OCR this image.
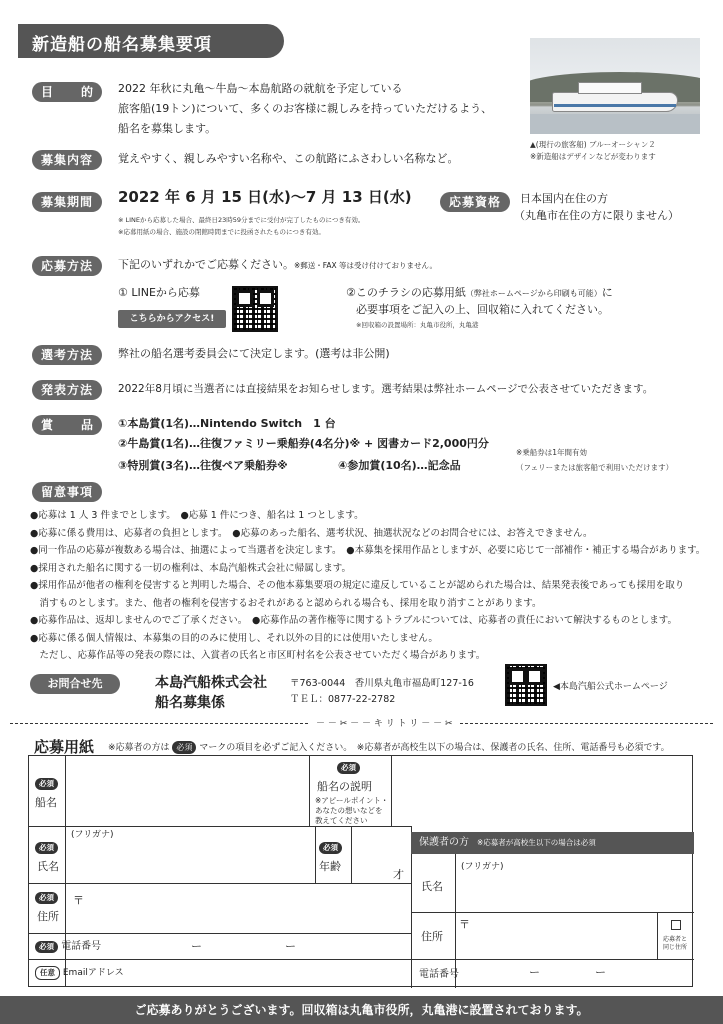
新造船の船名募集要項
▲(現行の旅客船) ブルーオーシャン２
※新造船はデザインなどが変わります
目　的 2022 年秋に丸亀～牛島～本島航路の就航を予定している
旅客船(19トン)について、多くのお客様に親しみを持っていただけるよう、
船名を募集します。
募集内容	覚えやすく、親しみやすい名称や、この航路にふさわしい名称など。
募集期間	2022 年 6 月 15 日(水)～7 月 13 日(水)
※ LINEから応募した場合、最終日23時59分までに受付が完了したものにつき有効。
※応募用紙の場合、施設の閉館時間までに投函されたものにつき有効。
応募資格	日本国内在住の方
（丸亀市在住の方に限りません）
応募方法	下記のいずれかでご応募ください。※郵送・FAX 等は受け付けておりません。
① LINEから応募
こちらからアクセス!
②このチラシの応募用紙（弊社ホームページから印刷も可能）に
必要事項をご記入の上、回収箱に入れてください。
※回収箱の設置場所：丸亀市役所，丸亀港
選考方法	弊社の船名選考委員会にて決定します。(選考は非公開)
発表方法	2022年8月頃に当選者には直接結果をお知らせします。選考結果は弊社ホームページで公表させていただきます。
賞　品 ①本島賞(1名)…Nintendo Switch　1 台
②牛島賞(1名)…往復ファミリー乗船券(4名分)※ + 図書カード2,000円分
③特別賞(3名)…往復ペア乗船券※	④参加賞(10名)…記念品
※乗船券は1年間有効
（フェリーまたは旅客船で利用いただけます）
留意事項
●応募は 1 人 3 件までとします。　●応募 1 件につき、船名は 1 つとします。
●応募に係る費用は、応募者の負担とします。　●応募のあった船名、選考状況、抽選状況などのお問合せには、お答えできません。
●同一作品の応募が複数ある場合は、抽選によって当選者を決定します。　●本募集を採用作品としますが、必要に応じて一部補作・補正する場合があります。
●採用された船名に関する一切の権利は、本島汽船株式会社に帰属します。
●採用作品が他者の権利を侵害すると判明した場合、その他本募集要項の規定に違反していることが認められた場合は、結果発表後であっても採用を取り
　消すものとします。また、他者の権利を侵害するおそれがあると認められる場合も、採用を取り消すことがあります。
●応募作品は、返却しませんのでご了承ください。　●応募作品の著作権等に関するトラブルについては、応募者の責任において解決するものとします。
●応募に係る個人情報は、本募集の目的のみに使用し、それ以外の目的には使用いたしません。
　ただし、応募作品等の発表の際には、入賞者の氏名と市区町村名を公表させていただく場合があります。
お問合せ先	本島汽船株式会社
船名募集係
〒763-0044　香川県丸亀市福島町127-16
ＴＥＬ：0877-22-2782
◀本島汽船公式ホームページ
－ － ✂ － － キ リ ト リ － － ✂
応募用紙 ※応募者の方は 必須 マークの項目を必ずご記入ください。　※応募者が高校生以下の場合は、保護者の氏名、住所、電話番号も必須です。
必須
船名
必須
船名の説明
※アピールポイント・
あなたの想いなどを
教えてください
必須
氏名
(フリガナ)
必須
年齢
才
必須
住所
〒
必須 電話番号	ー	ー
任意 Emailアドレス
保護者の方 ※応募者が高校生以下の場合は必須
氏名
(フリガナ)
住所
〒
応募者と
同じ住所
電話番号	ー	ー
ご応募ありがとうございます。回収箱は丸亀市役所，丸亀港に設置されております。
